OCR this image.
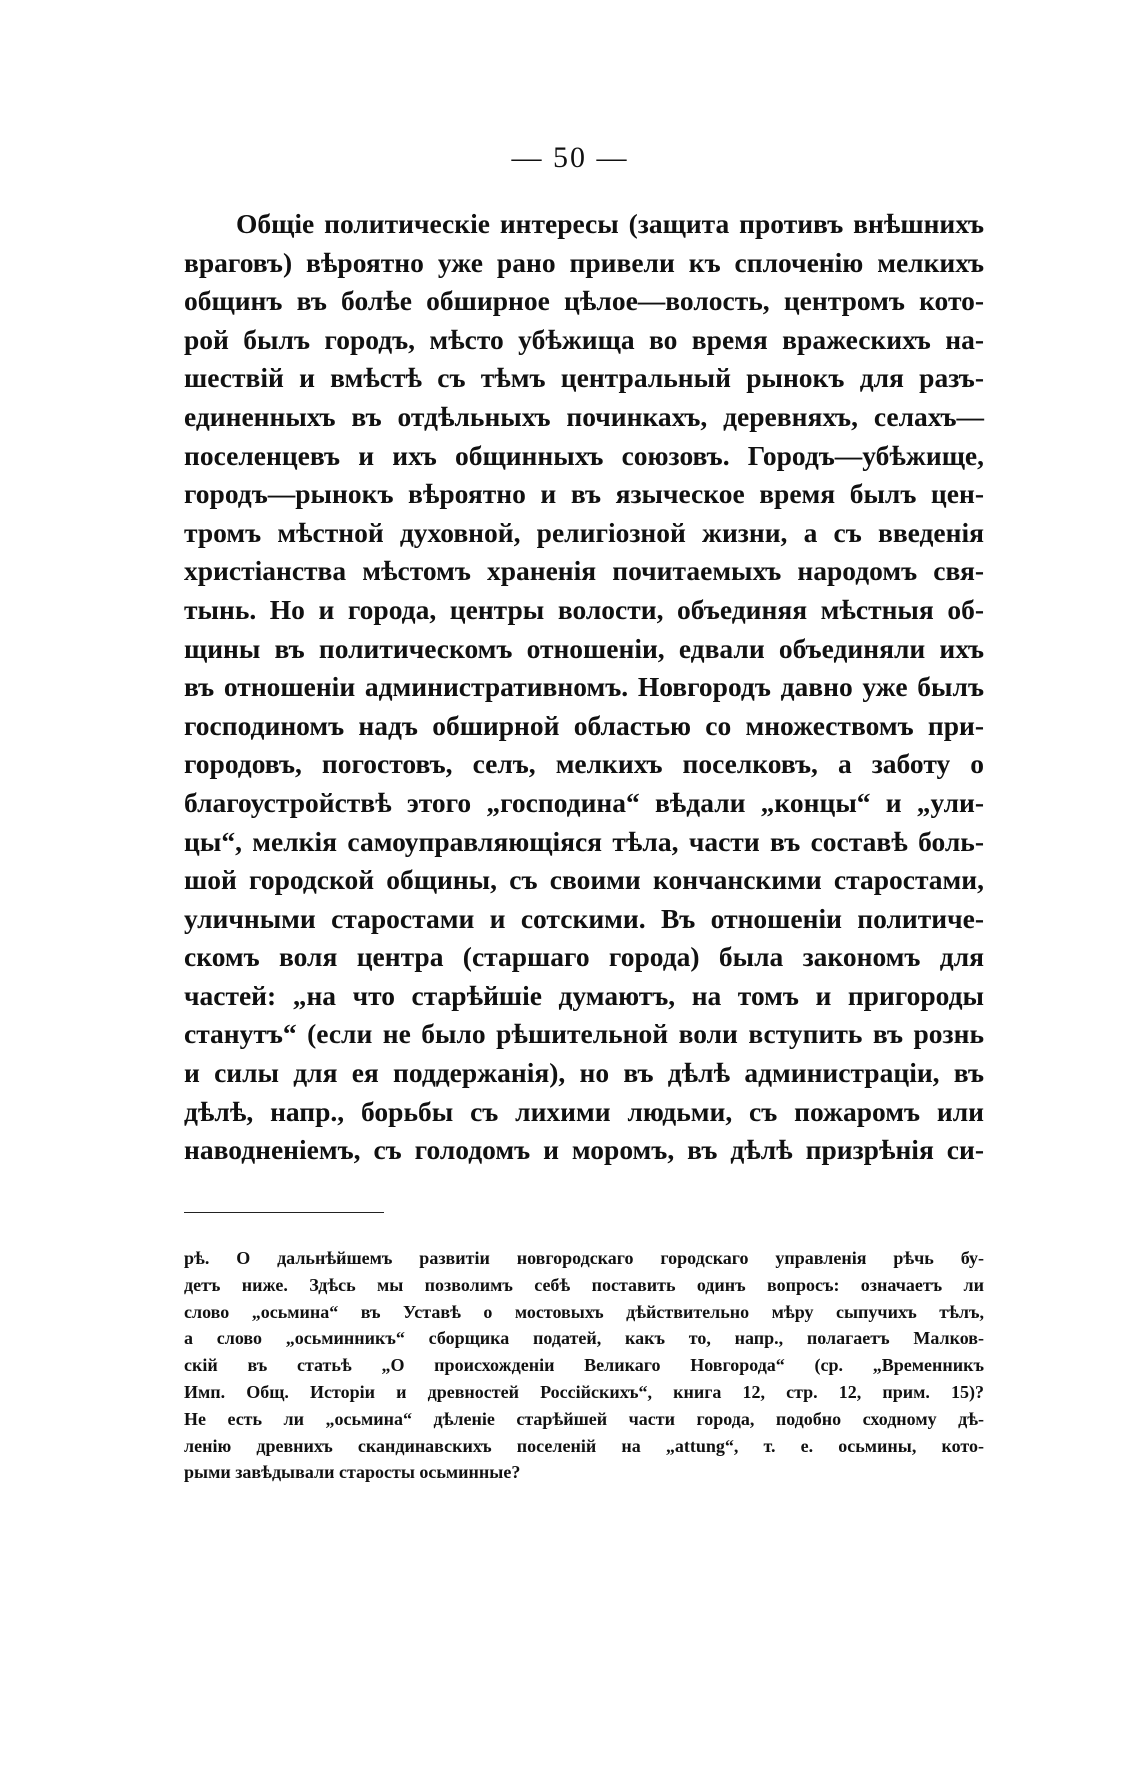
— 50 —
Общіе политическіе интересы (защита противъ внѣшнихъ
враговъ) вѣроятно уже рано привели къ сплоченію мелкихъ
общинъ въ болѣе обширное цѣлое—волость, центромъ кото-
рой былъ городъ, мѣсто убѣжища во время вражескихъ на-
шествій и вмѣстѣ съ тѣмъ центральный рынокъ для разъ-
единенныхъ въ отдѣльныхъ починкахъ, деревняхъ, селахъ—
поселенцевъ и ихъ общинныхъ союзовъ. Городъ—убѣжище,
городъ—рынокъ вѣроятно и въ языческое время былъ цен-
тромъ мѣстной духовной, религіозной жизни, а съ введенія
христіанства мѣстомъ храненія почитаемыхъ народомъ свя-
тынь. Но и города, центры волости, объединяя мѣстныя об-
щины въ политическомъ отношеніи, едвали объединяли ихъ
въ отношеніи административномъ. Новгородъ давно уже былъ
господиномъ надъ обширной областью со множествомъ при-
городовъ, погостовъ, селъ, мелкихъ поселковъ, а заботу о
благоустройствѣ этого „господина“ вѣдали „концы“ и „ули-
цы“, мелкія самоуправляющіяся тѣла, части въ составѣ боль-
шой городской общины, съ своими кончанскими старостами,
уличными старостами и сотскими. Въ отношеніи политиче-
скомъ воля центра (старшаго города) была закономъ для
частей: „на что старѣйшіе думаютъ, на томъ и пригороды
станутъ“ (если не было рѣшительной воли вступить въ рознь
и силы для ея поддержанія), но въ дѣлѣ администраціи, въ
дѣлѣ, напр., борьбы съ лихими людьми, съ пожаромъ или
наводненіемъ, съ голодомъ и моромъ, въ дѣлѣ призрѣнія си-
рѣ. О дальнѣйшемъ развитіи новгородскаго городскаго управленія рѣчь бу-
детъ ниже. Здѣсь мы позволимъ себѣ поставить одинъ вопросъ: означаетъ ли
слово „осьмина“ въ Уставѣ о мостовыхъ дѣйствительно мѣру сыпучихъ тѣлъ,
а слово „осьминникъ“ сборщика податей, какъ то, напр., полагаетъ Малков-
скій въ статьѣ „О происхожденіи Великаго Новгорода“ (ср. „Временникъ
Имп. Общ. Исторіи и древностей Россійскихъ“, книга 12, стр. 12, прим. 15)?
Не есть ли „осьмина“ дѣленіе старѣйшей части города, подобно сходному дѣ-
ленію древнихъ скандинавскихъ поселеній на „attung“, т. е. осьмины, кото-
рыми завѣдывали старосты осьминные?
